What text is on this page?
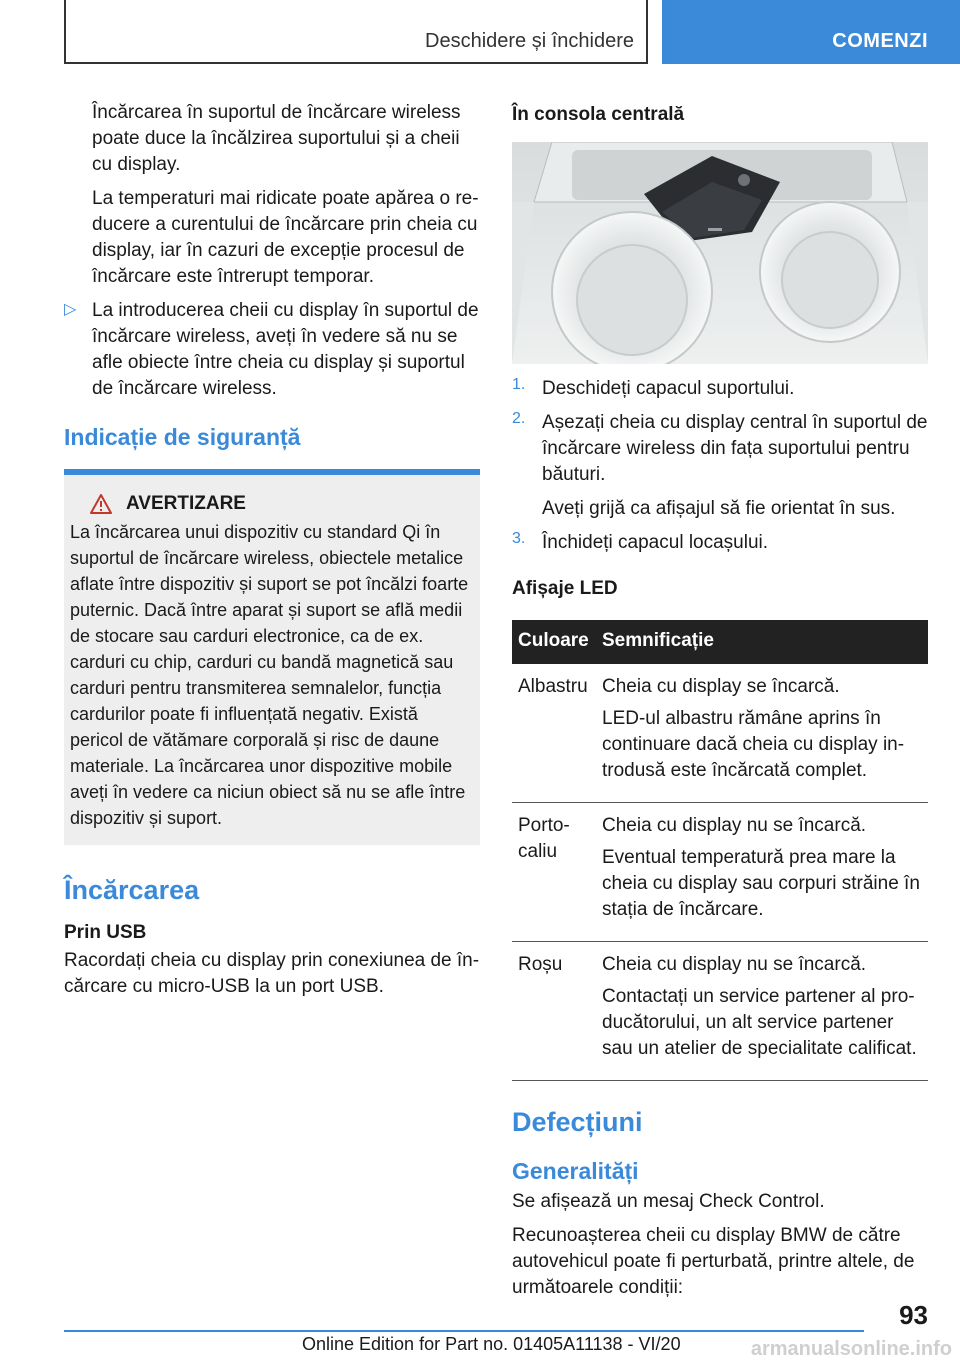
Deschidere și închidere	COMENZI

Încărcarea în suportul de încărcare wireless poate duce la încălzirea suportului și a cheii cu display.

La temperaturi mai ridicate poate apărea o reducere a curentului de încărcare prin cheia cu display, iar în cazuri de excepție procesul de încărcare este întrerupt temporar.

▷ La introducerea cheii cu display în suportul de încărcare wireless, aveți în vedere să nu se afle obiecte între cheia cu display și suportul de încărcare wireless.

Indicație de siguranță
AVERTIZARE

La încărcarea unui dispozitiv cu standard Qi în suportul de încărcare wireless, obiectele metalice aflate între dispozitiv și suport se pot încălzi foarte puternic. Dacă între aparat și suport se află medii de stocare sau carduri electronice, ca de ex. carduri cu chip, carduri cu bandă magnetică sau carduri pentru transmiterea semnalelor, funcția cardurilor poate fi influențată negativ. Există pericol de vătămare corporală și risc de daune materiale. La încărcarea unor dispozitive mobile aveți în vedere ca niciun obiect să nu se afle între dispozitiv și suport.

Încărcarea
Prin USB

Racordați cheia cu display prin conexiunea de încărcare cu micro-USB la un port USB.

În consola centrală
1. Deschideți capacul suportului.

2. Așezați cheia cu display central în suportul de încărcare wireless din fața suportului pentru băuturi.

Aveți grijă ca afișajul să fie orientat în sus.

3. Închideți capacul locașului.

Afișaje LED
Culoare	Semnificație
Albastru	Cheia cu display se încarcă.

LED-ul albastru rămâne aprins în continuare dacă cheia cu display introdusă este încărcată complet.

Portocaliu	Cheia cu display nu se încarcă.

Eventual temperatură prea mare la cheia cu display sau corpuri străine în stația de încărcare.

Roșu	Cheia cu display nu se încarcă.

Contactați un service partener al producătorului, un alt service partener sau un atelier de specialitate calificat.

Defecțiuni
Generalități

Se afișează un mesaj Check Control.

Recunoașterea cheii cu display BMW de către autovehicul poate fi perturbată, printre altele, de următoarele condiții:

93
Online Edition for Part no. 01405A11138 - VI/20	armanualsonline.info
